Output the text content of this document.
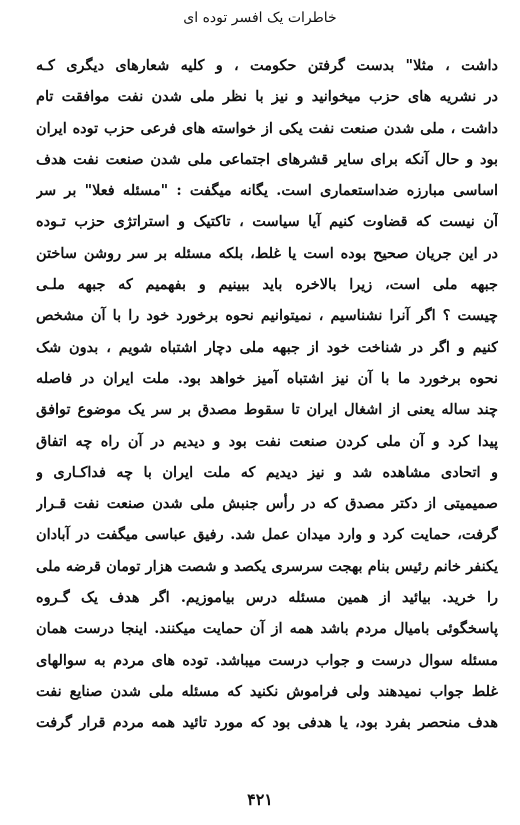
خاطرات یک افسر توده ای
داشت ، مثلا" بدست گرفتن حکومت ، و کلیه شعارهای دیگری کـه
در نشریه های حزب میخوانید و نیز با نظر ملی شدن نفت موافقت تام
داشت ، ملی شدن صنعت نفت یکی از خواسته های فرعی حزب توده ایران
بود و حال آنکه برای سایر قشرهای اجتماعی ملی شدن صنعت نفت هدف
اساسی مبارزه ضداستعماری است. یگانه میگفت : "مسئله فعلا" بر سر
آن نیست که قضاوت کنیم آیا سیاست ، تاکتیک و استراتژی حزب تـوده
در این جریان صحیح بوده است یا غلط، بلکه مسئله بر سر روشن ساختن
جبهه ملی است، زیرا بالاخره باید ببینیم و بفهمیم که جبهه ملـی
چیست ؟ اگر آنرا نشناسیم ، نمیتوانیم نحوه برخورد خود را با آن مشخص
کنیم و اگر در شناخت خود از جبهه ملی دچار اشتباه شویم ، بدون شک
نحوه برخورد ما با آن نیز اشتباه آمیز خواهد بود. ملت ایران در فاصله
چند ساله یعنی از اشغال ایران تا سقوط مصدق بر سر یک موضوع توافق
پیدا کرد و آن ملی کردن صنعت نفت بود و دیدیم در آن راه چه اتفاق
و اتحادی مشاهده شد و نیز دیدیم که ملت ایران با چه فداکـاری و
صمیمیتی از دکتر مصدق که در رأس جنبش ملی شدن صنعت نفت قـرار
گرفت، حمایت کرد و وارد میدان عمل شد. رفیق عباسی میگفت در آبادان
یکنفر خانم رئیس بنام بهجت سرسری یکصد و شصت هزار تومان قرضه ملی
را خرید. بیائید از همین مسئله درس بیاموزیم. اگر هدف یک گـروه
پاسخگوئی بامیال مردم باشد همه از آن حمایت میکنند. اینجا درست همان
مسئله سوال درست و جواب درست میباشد. توده های مردم به سوالهای
غلط جواب نمیدهند ولی فراموش نکنید که مسئله ملی شدن صنایع نفت
هدف منحصر بفرد بود، یا هدفی بود که مورد تائید همه مردم قرار گرفت
۴۲۱
